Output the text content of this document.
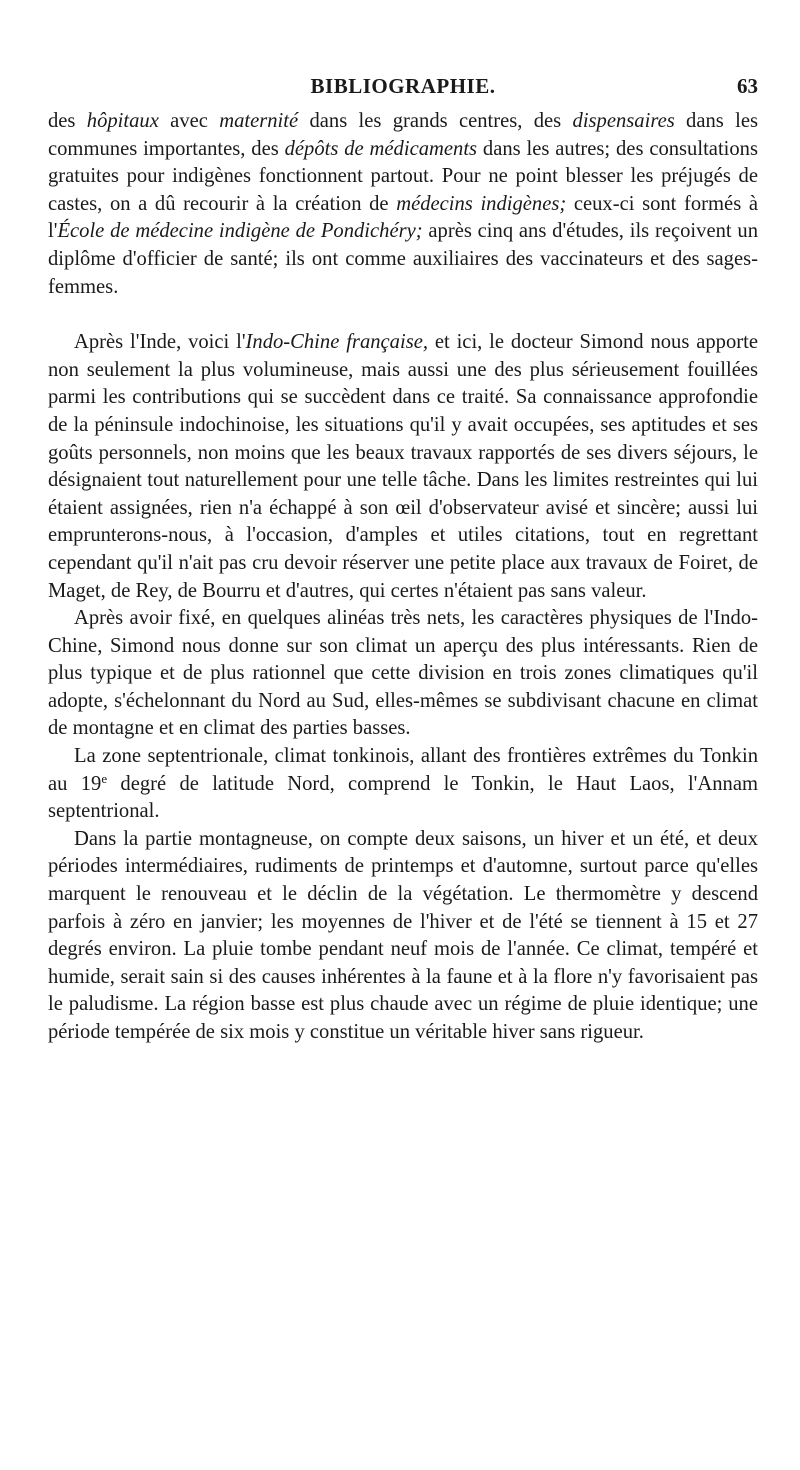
BIBLIOGRAPHIE.	63

des hôpitaux avec maternité dans les grands centres, des dispensaires dans les communes importantes, des dépôts de médicaments dans les autres; des consultations gratuites pour indigènes fonctionnent partout. Pour ne point blesser les préjugés de castes, on a dû recourir à la création de médecins indigènes; ceux-ci sont formés à l'École de médecine indigène de Pondichéry; après cinq ans d'études, ils reçoivent un diplôme d'officier de santé; ils ont comme auxiliaires des vaccinateurs et des sages-femmes.

Après l'Inde, voici l'Indo-Chine française, et ici, le docteur Simond nous apporte non seulement la plus volumineuse, mais aussi une des plus sérieusement fouillées parmi les contributions qui se succèdent dans ce traité. Sa connaissance approfondie de la péninsule indochinoise, les situations qu'il y avait occupées, ses aptitudes et ses goûts personnels, non moins que les beaux travaux rapportés de ses divers séjours, le désignaient tout naturellement pour une telle tâche. Dans les limites restreintes qui lui étaient assignées, rien n'a échappé à son œil d'observateur avisé et sincère; aussi lui emprunterons-nous, à l'occasion, d'amples et utiles citations, tout en regrettant cependant qu'il n'ait pas cru devoir réserver une petite place aux travaux de Foiret, de Maget, de Rey, de Bourru et d'autres, qui certes n'étaient pas sans valeur.

Après avoir fixé, en quelques alinéas très nets, les caractères physiques de l'Indo-Chine, Simond nous donne sur son climat un aperçu des plus intéressants. Rien de plus typique et de plus rationnel que cette division en trois zones climatiques qu'il adopte, s'échelonnant du Nord au Sud, elles-mêmes se subdivisant chacune en climat de montagne et en climat des parties basses.

La zone septentrionale, climat tonkinois, allant des frontières extrêmes du Tonkin au 19e degré de latitude Nord, comprend le Tonkin, le Haut Laos, l'Annam septentrional.

Dans la partie montagneuse, on compte deux saisons, un hiver et un été, et deux périodes intermédiaires, rudiments de printemps et d'automne, surtout parce qu'elles marquent le renouveau et le déclin de la végétation. Le thermomètre y descend parfois à zéro en janvier; les moyennes de l'hiver et de l'été se tiennent à 15 et 27 degrés environ. La pluie tombe pendant neuf mois de l'année. Ce climat, tempéré et humide, serait sain si des causes inhérentes à la faune et à la flore n'y favorisaient pas le paludisme. La région basse est plus chaude avec un régime de pluie identique; une période tempérée de six mois y constitue un véritable hiver sans rigueur.
